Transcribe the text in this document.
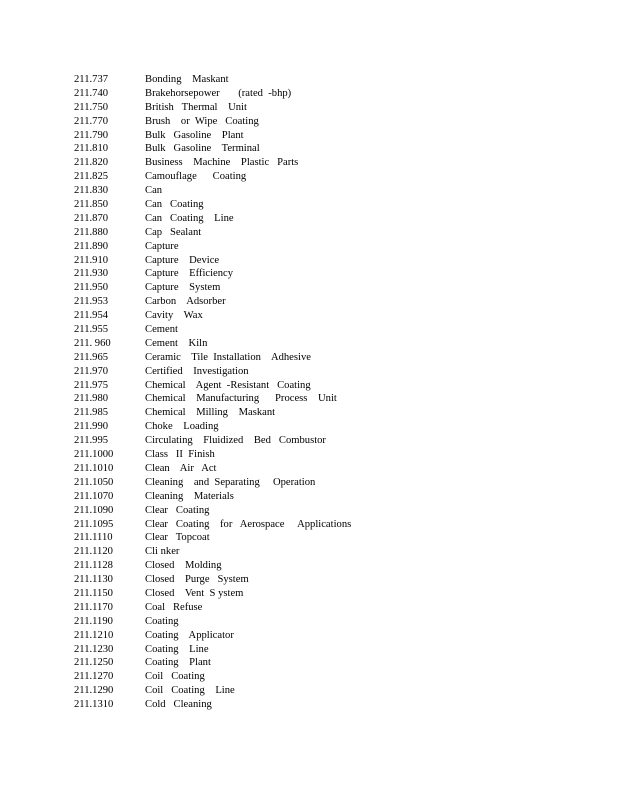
211.737	Bonding    Maskant
211.740	Brakehorsepower       (rated  -bhp)
211.750	British   Thermal    Unit
211.770	Brush    or  Wipe   Coating
211.790	Bulk   Gasoline    Plant
211.810	Bulk   Gasoline    Terminal
211.820	Business    Machine    Plastic   Parts
211.825	Camouflage      Coating
211.830	Can
211.850	Can   Coating
211.870	Can   Coating    Line
211.880	Cap   Sealant
211.890	Capture
211.910	Capture    Device
211.930	Capture    Efficiency
211.950	Capture    System
211.953	Carbon    Adsorber
211.954	Cavity    Wax
211.955	Cement
211. 960	Cement    Kiln
211.965	Ceramic    Tile  Installation    Adhesive
211.970	Certified    Investigation
211.975	Chemical    Agent  -Resistant   Coating
211.980	Chemical    Manufacturing      Process    Unit
211.985	Chemical    Milling    Maskant
211.990	Choke    Loading
211.995	Circulating    Fluidized    Bed   Combustor
211.1000	Class   II  Finish
211.1010	Clean    Air   Act
211.1050	Cleaning    and  Separating     Operation
211.1070	Cleaning    Materials
211.1090	Clear   Coating
211.1095	Clear   Coating    for   Aerospace     Applications
211.1110	Clear   Topcoat
211.1120	Cli nker
211.1128	Closed    Molding
211.1130	Closed    Purge   System
211.1150	Closed    Vent  S ystem
211.1170	Coal   Refuse
211.1190	Coating
211.1210	Coating    Applicator
211.1230	Coating    Line
211.1250	Coating    Plant
211.1270	Coil   Coating
211.1290	Coil   Coating    Line
211.1310	Cold   Cleaning
